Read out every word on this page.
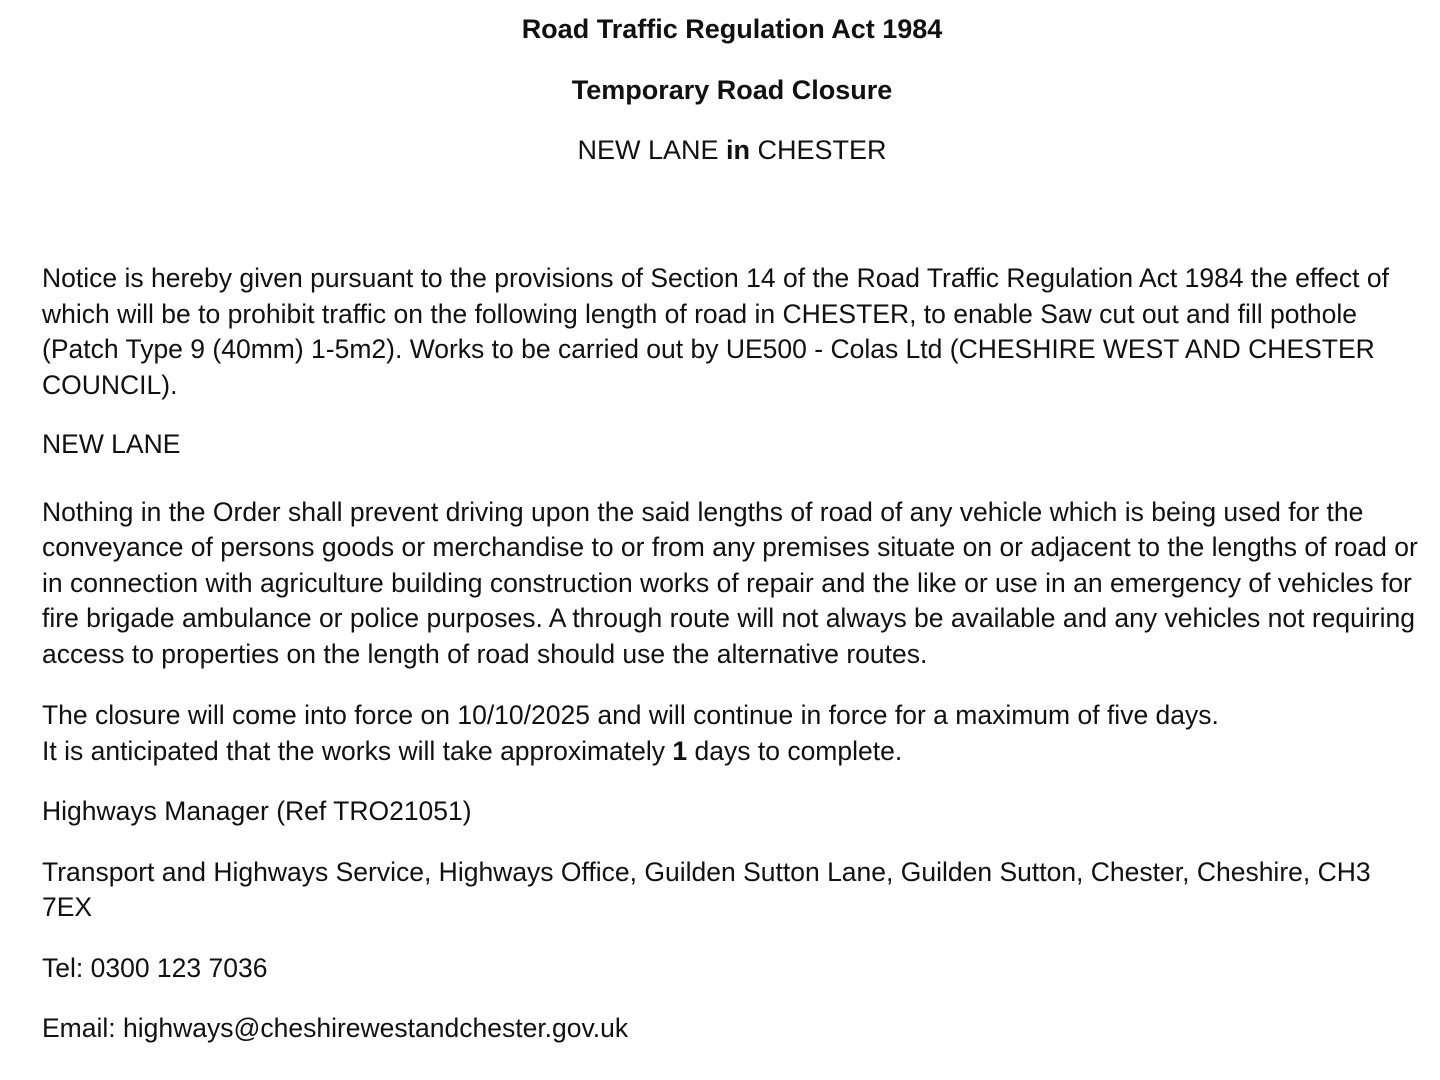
Road Traffic Regulation Act 1984
Temporary Road Closure
NEW LANE in CHESTER

Notice is hereby given pursuant to the provisions of Section 14 of the Road Traffic Regulation Act 1984 the effect of which will be to prohibit traffic on the following length of road in CHESTER, to enable Saw cut out and fill pothole (Patch Type 9 (40mm) 1-5m2). Works to be carried out by UE500 - Colas Ltd (CHESHIRE WEST AND CHESTER COUNCIL).

NEW LANE

Nothing in the Order shall prevent driving upon the said lengths of road of any vehicle which is being used for the conveyance of persons goods or merchandise to or from any premises situate on or adjacent to the lengths of road or in connection with agriculture building construction works of repair and the like or use in an emergency of vehicles for fire brigade ambulance or police purposes. A through route will not always be available and any vehicles not requiring access to properties on the length of road should use the alternative routes.

The closure will come into force on 10/10/2025 and will continue in force for a maximum of five days.
It is anticipated that the works will take approximately 1 days to complete.

Highways Manager (Ref TRO21051)

Transport and Highways Service, Highways Office, Guilden Sutton Lane, Guilden Sutton, Chester, Cheshire, CH3 7EX

Tel: 0300 123 7036

Email: highways@cheshirewestandchester.gov.uk
